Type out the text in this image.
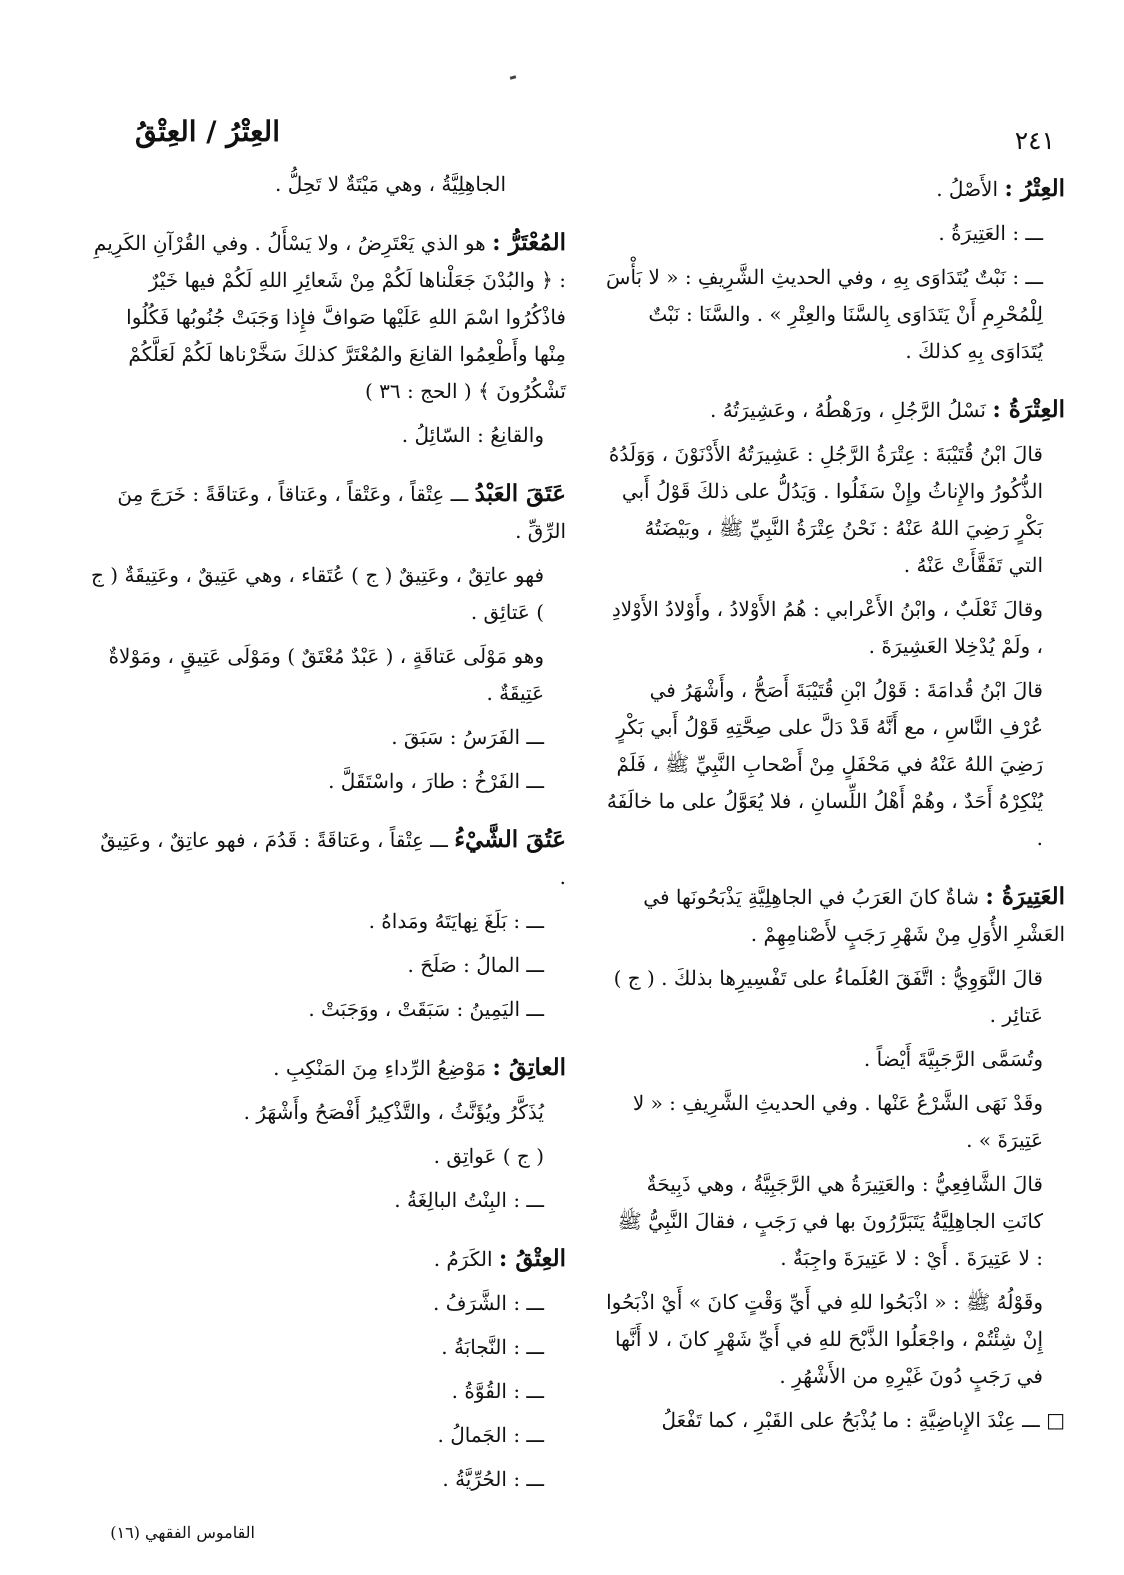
٢٤١
العِتْرُ / العِتْقُ
العِتْرُ : الأَصْلُ .
ـــ : العَتِيرَةُ .
ـــ : نَبْتٌ يُتَدَاوَى بِهِ ، وفي الحديثِ الشَّرِيفِ : « لا بَأْسَ لِلْمُحْرِمِ أَنْ يَتَدَاوَى بِالسَّنَا والعِتْرِ » . والسَّنَا : نَبْتٌ يُتَدَاوَى بِهِ كذلكَ .
العِتْرَةُ : نَسْلُ الرَّجُلِ ، ورَهْطُهُ ، وعَشِيرَتُهُ .
قالَ ابْنُ قُتَيْبَةَ : عِتْرَةُ الرَّجُلِ : عَشِيرَتُهُ الأَدْنَوْنَ ، وَوَلَدُهُ الذُّكُورُ والإِناثُ وإِنْ سَفَلُوا . وَيَدُلُّ على ذلكَ قَوْلُ أَبي بَكْرٍ رَضِيَ اللهُ عَنْهُ : نَحْنُ عِتْرَةُ النَّبِيِّ ﷺ ، وبَيْضَتُهُ التي تَفَقَّأَتْ عَنْهُ .
وقالَ ثَعْلَبٌ ، وابْنُ الأَعْرابي : هُمُ الأَوْلادُ ، وأَوْلادُ الأَوْلادِ ، ولَمْ يُدْخِلا العَشِيرَةَ .
قالَ ابْنُ قُدامَةَ : قَوْلُ ابْنِ قُتَيْبَةَ أَصَحُّ ، وأَشْهَرُ في عُرْفِ النَّاسِ ، مع أَنَّهُ قَدْ دَلَّ على صِحَّتِهِ قَوْلُ أَبي بَكْرٍ رَضِيَ اللهُ عَنْهُ في مَحْفَلٍ مِنْ أَصْحابِ النَّبِيِّ ﷺ ، فَلَمْ يُنْكِرْهُ أَحَدٌ ، وهُمْ أَهْلُ اللِّسانِ ، فلا يُعَوَّلُ على ما خالَفَهُ .
العَتِيرَةُ : شاةٌ كانَ العَرَبُ في الجاهِلِيَّةِ يَذْبَحُونَها في العَشْرِ الأُوَلِ مِنْ شَهْرِ رَجَبٍ لأَصْنامِهِمْ .
قالَ النَّوَوِيُّ : اتَّفَقَ العُلَماءُ على تَفْسِيرِها بذلكَ . ( ج ) عَتائِر .
وتُسَمَّى الرَّجَبِيَّةَ أَيْضاً .
وقَدْ نَهَى الشَّرْعُ عَنْها . وفي الحديثِ الشَّرِيفِ : « لا عَتِيرَةَ » .
قالَ الشَّافِعِيُّ : والعَتِيرَةُ هي الرَّجَبِيَّةُ ، وهي ذَبِيحَةٌ كانَتِ الجاهِلِيَّةُ يَتَبَرَّرُونَ بها في رَجَبٍ ، فقالَ النَّبِيُّ ﷺ : لا عَتِيرَةَ . أَيْ : لا عَتِيرَةَ واجِبَةٌ .
وقَوْلُهُ ﷺ : « اذْبَحُوا للهِ في أَيِّ وَقْتٍ كانَ » أَيْ اذْبَحُوا إِنْ شِئْتُمْ ، واجْعَلُوا الذَّبْحَ للهِ في أَيِّ شَهْرٍ كانَ ، لا أَنَّها في رَجَبٍ دُونَ غَيْرِهِ من الأَشْهُرِ .
□ ـــ عِنْدَ الإِباضِيَّةِ : ما يُذْبَحُ على القَبْرِ ، كما تَفْعَلُ
الجاهِلِيَّةُ ، وهي مَيْتَةٌ لا تَحِلُّ .
المُعْتَرُّ : هو الذي يَعْتَرِضُ ، ولا يَسْأَلُ . وفي القُرْآنِ الكَرِيمِ : ﴿ والبُدْنَ جَعَلْناها لَكُمْ مِنْ شَعائِرِ اللهِ لَكُمْ فيها خَيْرٌ فاذْكُرُوا اسْمَ اللهِ عَلَيْها صَوافَّ فإِذا وَجَبَتْ جُنُوبُها فَكُلُوا مِنْها وأَطْعِمُوا القانِعَ والمُعْتَرَّ كذلكَ سَخَّرْناها لَكُمْ لَعَلَّكُمْ تَشْكُرُونَ ﴾ ( الحج : ٣٦ )
والقانِعُ : السّائِلُ .
عَتَقَ العَبْدُ ـــ عِتْقاً ، وعَتْقاً ، وعَتاقاً ، وعَتاقَةً : خَرَجَ مِنَ الرِّقِّ .
فهو عاتِقٌ ، وعَتِيقٌ ( ج ) عُتَقاء ، وهي عَتِيقٌ ، وعَتِيقَةٌ ( ج ) عَتائِق .
وهو مَوْلَى عَتاقَةٍ ، ( عَبْدٌ مُعْتَقٌ ) ومَوْلَى عَتِيقٍ ، ومَوْلاةٌ عَتِيقَةٌ .
ـــ الفَرَسُ : سَبَقَ .
ـــ الفَرْخُ : طارَ ، واسْتَقَلَّ .
عَتُقَ الشَّيْءُ ـــ عِتْقاً ، وعَتاقَةً : قَدُمَ ، فهو عاتِقٌ ، وعَتِيقٌ .
ـــ : بَلَغَ نِهايَتَهُ ومَداهُ .
ـــ المالُ : صَلَحَ .
ـــ اليَمِينُ : سَبَقَتْ ، ووَجَبَتْ .
العاتِقُ : مَوْضِعُ الرِّداءِ مِنَ المَنْكِبِ .
يُذَكَّرُ ويُؤَنَّثُ ، والتَّذْكِيرُ أَفْصَحُ وأَشْهَرُ .
( ج ) عَواتِق .
ـــ : البِنْتُ البالِغَةُ .
العِتْقُ : الكَرَمُ .
ـــ : الشَّرَفُ .
ـــ : النَّجابَةُ .
ـــ : القُوَّةُ .
ـــ : الجَمالُ .
ـــ : الحُرِّيَّةُ .
القاموس الفقهي (١٦)
